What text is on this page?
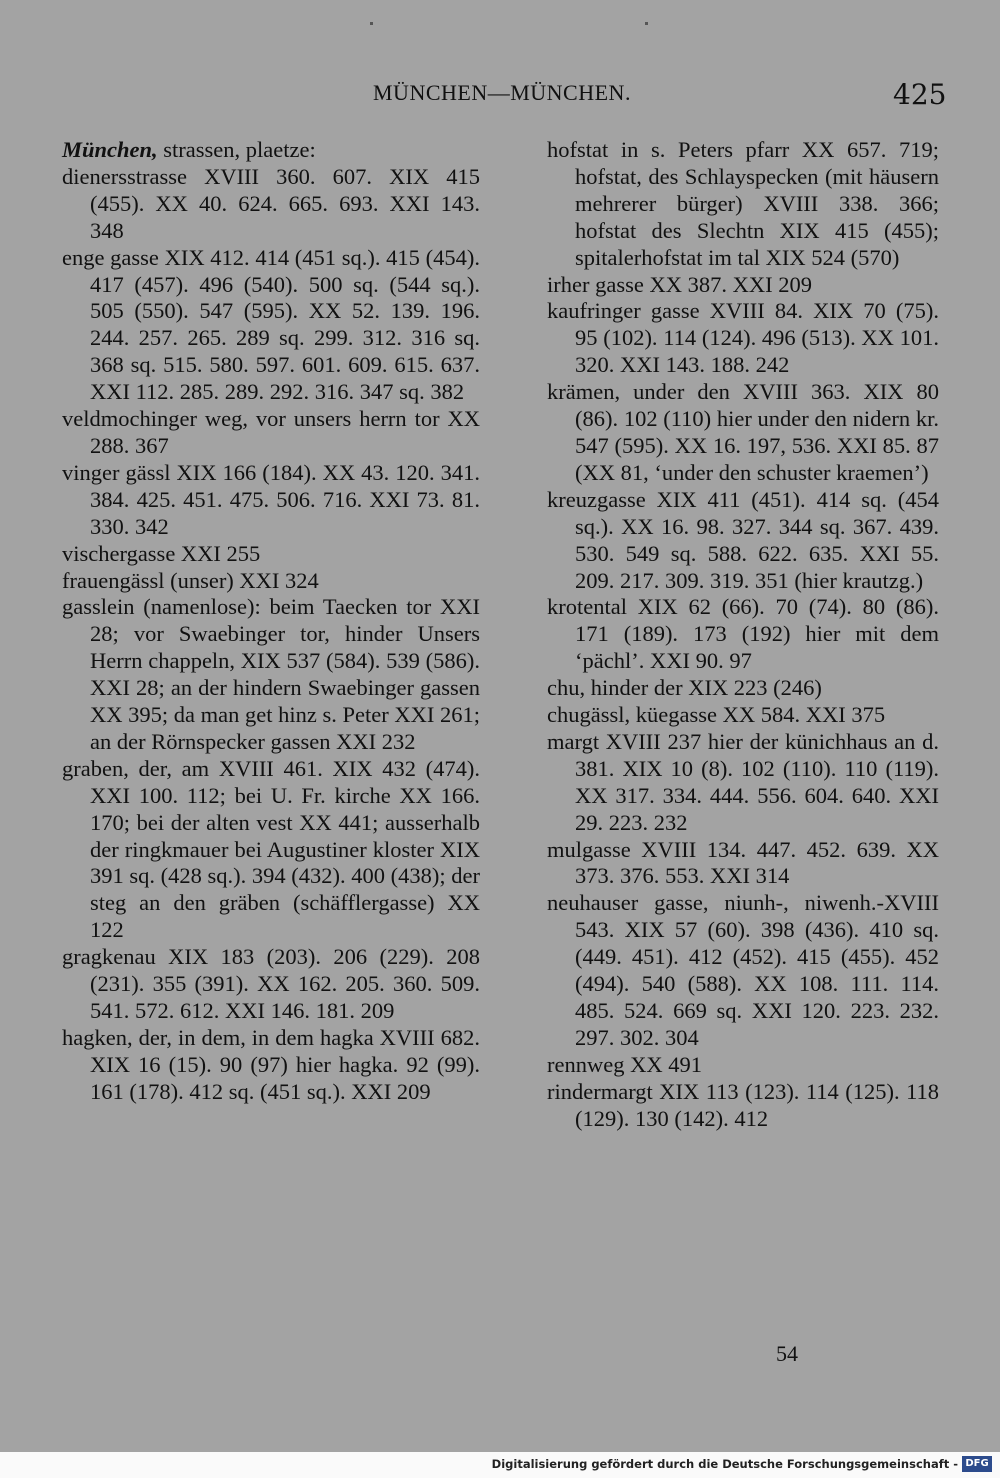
MÜNCHEN—MÜNCHEN.	425
München, strassen, plaetze:
dienersstrasse XVIII 360. 607. XIX 415 (455). XX 40. 624. 665. 693. XXI 143. 348
enge gasse XIX 412. 414 (451 sq.). 415 (454). 417 (457). 496 (540). 500 sq. (544 sq.). 505 (550). 547 (595). XX 52. 139. 196. 244. 257. 265. 289 sq. 299. 312. 316 sq. 368 sq. 515. 580. 597. 601. 609. 615. 637. XXI 112. 285. 289. 292. 316. 347 sq. 382
veldmochinger weg, vor unsers herrn tor XX 288. 367
vinger gässl XIX 166 (184). XX 43. 120. 341. 384. 425. 451. 475. 506. 716. XXI 73. 81. 330. 342
vischergasse XXI 255
frauengässl (unser) XXI 324
gasslein (namenlose): beim Taecken tor XXI 28; vor Swaebinger tor, hinder Unsers Herrn chappeln, XIX 537 (584). 539 (586). XXI 28; an der hindern Swaebinger gassen XX 395; da man get hinz s. Peter XXI 261; an der Rörnspecker gassen XXI 232
graben, der, am XVIII 461. XIX 432 (474). XXI 100. 112; bei U. Fr. kirche XX 166. 170; bei der alten vest XX 441; ausserhalb der ringkmauer bei Augustiner kloster XIX 391 sq. (428 sq.). 394 (432). 400 (438); der steg an den gräben (schäfflergasse) XX 122
gragkenau XIX 183 (203). 206 (229). 208 (231). 355 (391). XX 162. 205. 360. 509. 541. 572. 612. XXI 146. 181. 209
hagken, der, in dem, in dem hagka XVIII 682. XIX 16 (15). 90 (97) hier hagka. 92 (99). 161 (178). 412 sq. (451 sq.). XXI 209
hofstat in s. Peters pfarr XX 657. 719; hofstat, des Schlayspecken (mit häusern mehrerer bürger) XVIII 338. 366; hofstat des Slechtn XIX 415 (455); spitalerhofstat im tal XIX 524 (570)
irher gasse XX 387. XXI 209
kaufringer gasse XVIII 84. XIX 70 (75). 95 (102). 114 (124). 496 (513). XX 101. 320. XXI 143. 188. 242
krämen, under den XVIII 363. XIX 80 (86). 102 (110) hier under den nidern kr. 547 (595). XX 16. 197, 536. XXI 85. 87 (XX 81, ‘under den schuster kraemen’)
kreuzgasse XIX 411 (451). 414 sq. (454 sq.). XX 16. 98. 327. 344 sq. 367. 439. 530. 549 sq. 588. 622. 635. XXI 55. 209. 217. 309. 319. 351 (hier krautzg.)
krotental XIX 62 (66). 70 (74). 80 (86). 171 (189). 173 (192) hier mit dem ‘pächl’. XXI 90. 97
chu, hinder der XIX 223 (246)
chugässl, küegasse XX 584. XXI 375
margt XVIII 237 hier der künichhaus an d. 381. XIX 10 (8). 102 (110). 110 (119). XX 317. 334. 444. 556. 604. 640. XXI 29. 223. 232
mulgasse XVIII 134. 447. 452. 639. XX 373. 376. 553. XXI 314
neuhauser gasse, niunh-, niwenh.-XVIII 543. XIX 57 (60). 398 (436). 410 sq. (449. 451). 412 (452). 415 (455). 452 (494). 540 (588). XX 108. 111. 114. 485. 524. 669 sq. XXI 120. 223. 232. 297. 302. 304
rennweg XX 491
rindermargt XIX 113 (123). 114 (125). 118 (129). 130 (142). 412
54
Digitalisierung gefördert durch die Deutsche Forschungsgemeinschaft - DFG
